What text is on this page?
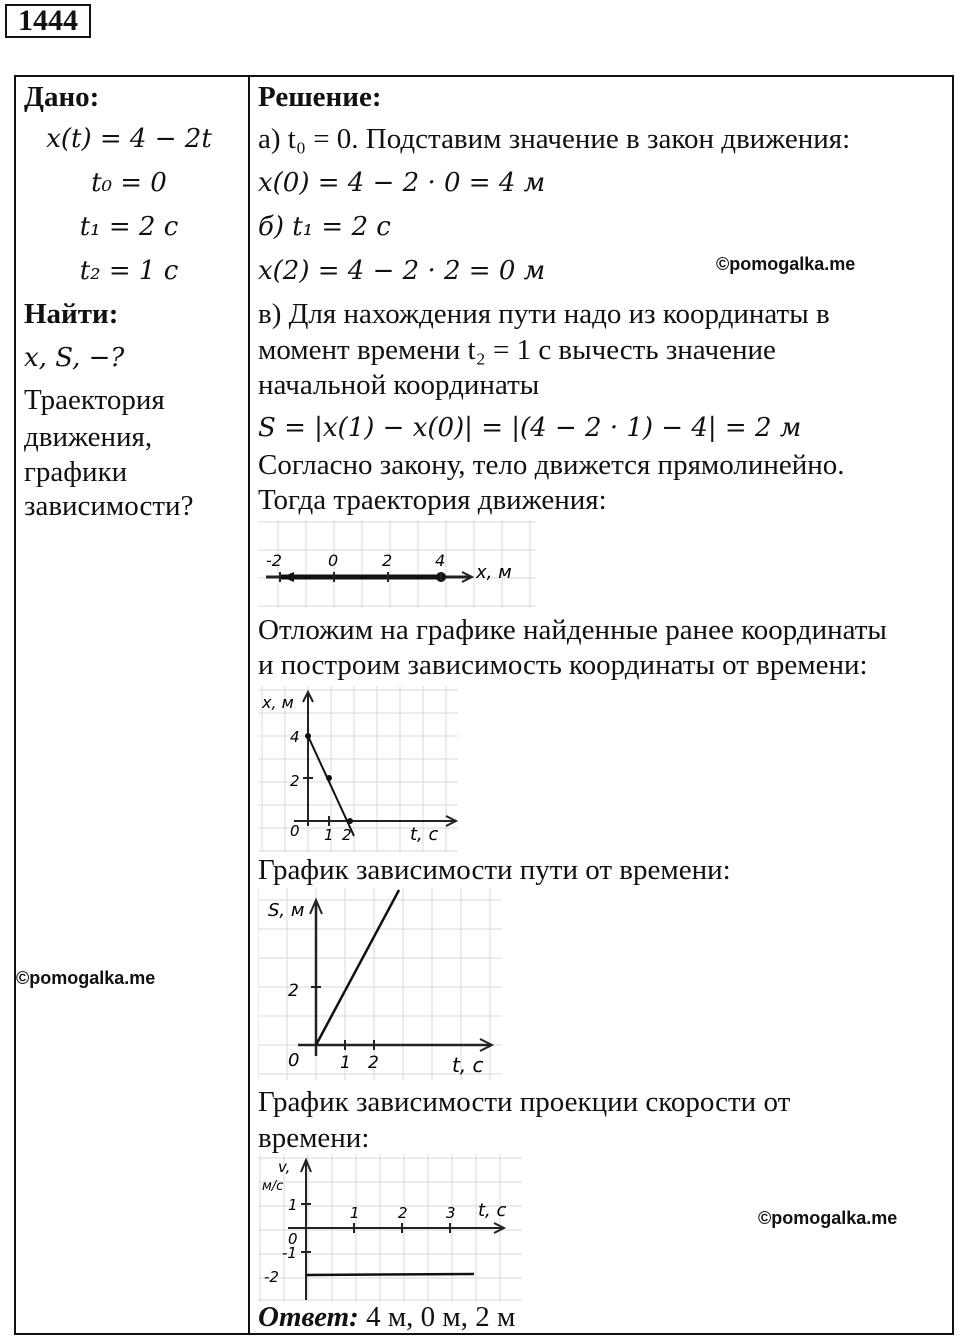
1444
Дано:
x(t) = 4 − 2t
t₀ = 0
t₁ = 2 с
t₂ = 1 с
Найти:
x, S, −?
Траектория
движения,
графики
зависимости?
©pomogalka.me
Решение:
а) t₀ = 0. Подставим значение в закон движения:
x(0) = 4 − 2 · 0 = 4 м
б) t₁ = 2 с
x(2) = 4 − 2 · 2 = 0 м	©pomogalka.me
в) Для нахождения пути надо из координаты в
момент времени t₂ = 1 с вычесть значение
начальной координаты
S = |x(1) − x(0)| = |(4 − 2 · 1) − 4| = 2 м
Согласно закону, тело движется прямолинейно.
Тогда траектория движения:
-2	0	2	4
x, м
Отложим на графике найденные ранее координаты
и построим зависимость координаты от времени:
x, м
4
2
0 1 2	t, с
График зависимости пути от времени:
S, м
2
0 1 2	t, с
График зависимости проекции скорости от
времени:
v,
м/с
1
0
-1
-2
1	2	3 t, с	©pomogalka.me
Ответ: 4 м, 0 м, 2 м
